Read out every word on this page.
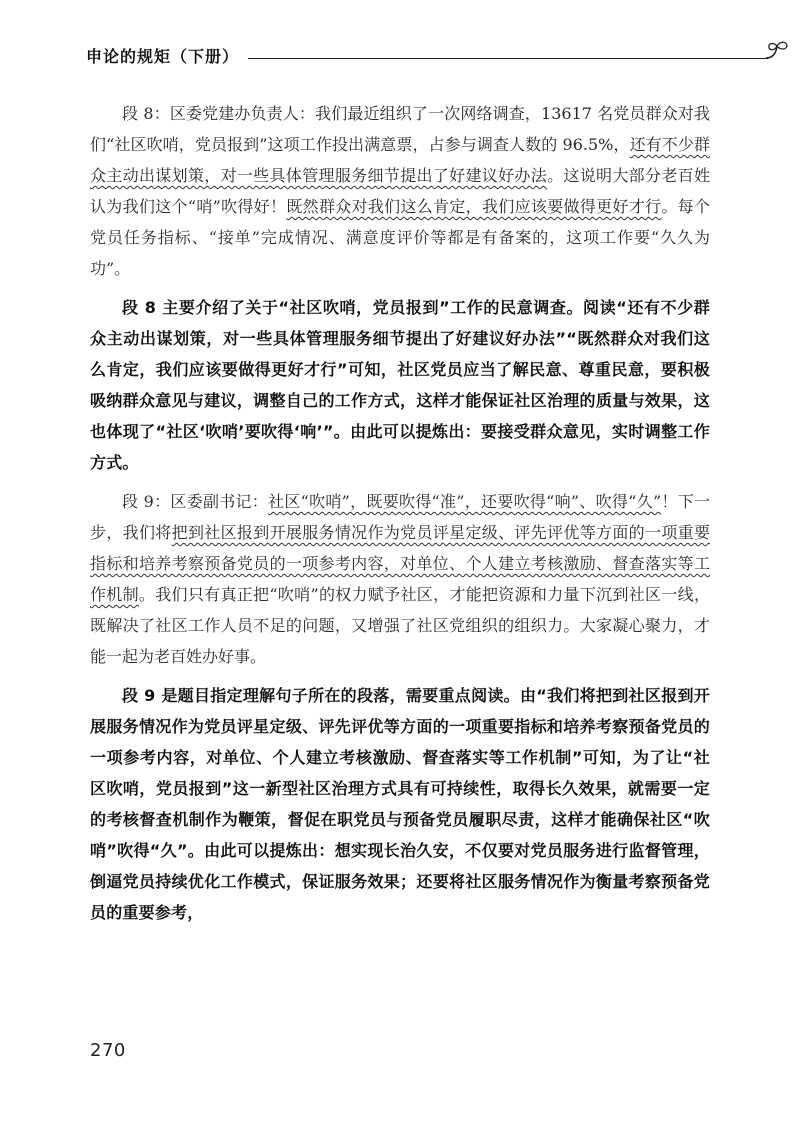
申论的规矩（下册）

段 8：区委党建办负责人：我们最近组织了一次网络调查，13617 名党员群众对我们“社区吹哨，党员报到”这项工作投出满意票，占参与调查人数的 96.5%，还有不少群众主动出谋划策，对一些具体管理服务细节提出了好建议好办法。这说明大部分老百姓认为我们这个“哨”吹得好！既然群众对我们这么肯定，我们应该要做得更好才行。每个党员任务指标、“接单”完成情况、满意度评价等都是有备案的，这项工作要“久久为功”。

段 8 主要介绍了关于“社区吹哨，党员报到”工作的民意调查。阅读“还有不少群众主动出谋划策，对一些具体管理服务细节提出了好建议好办法”“既然群众对我们这么肯定，我们应该要做得更好才行”可知，社区党员应当了解民意、尊重民意，要积极吸纳群众意见与建议，调整自己的工作方式，这样才能保证社区治理的质量与效果，这也体现了“社区‘吹哨’要吹得‘响’”。由此可以提炼出：要接受群众意见，实时调整工作方式。

段 9：区委副书记：社区“吹哨”，既要吹得“准”，还要吹得“响”、吹得“久”！下一步，我们将把到社区报到开展服务情况作为党员评星定级、评先评优等方面的一项重要指标和培养考察预备党员的一项参考内容，对单位、个人建立考核激励、督查落实等工作机制。我们只有真正把“吹哨”的权力赋予社区，才能把资源和力量下沉到社区一线，既解决了社区工作人员不足的问题，又增强了社区党组织的组织力。大家凝心聚力，才能一起为老百姓办好事。

段 9 是题目指定理解句子所在的段落，需要重点阅读。由“我们将把到社区报到开展服务情况作为党员评星定级、评先评优等方面的一项重要指标和培养考察预备党员的一项参考内容，对单位、个人建立考核激励、督查落实等工作机制”可知，为了让“社区吹哨，党员报到”这一新型社区治理方式具有可持续性，取得长久效果，就需要一定的考核督查机制作为鞭策，督促在职党员与预备党员履职尽责，这样才能确保社区“吹哨”吹得“久”。由此可以提炼出：想实现长治久安，不仅要对党员服务进行监督管理，倒逼党员持续优化工作模式，保证服务效果；还要将社区服务情况作为衡量考察预备党员的重要参考，

270
